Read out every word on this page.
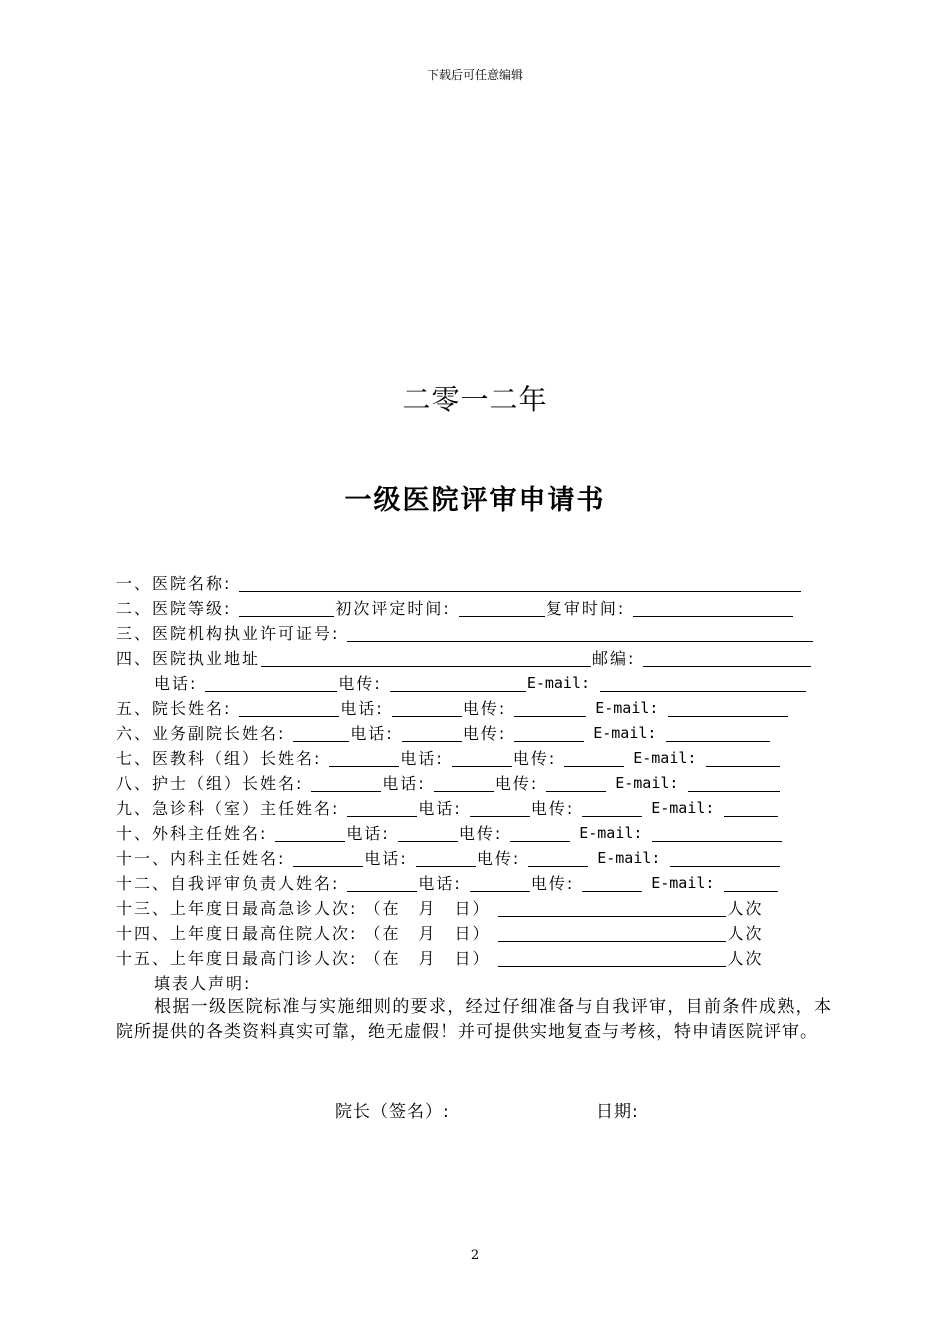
下载后可任意编辑
二零一二年
一级医院评审申请书
一、医院名称:
二、医院等级:	初次评定时间:	复审时间:
三、医院机构执业许可证号:
四、医院执业地址	邮编:
电话:	电传:	E-mail:
五、院长姓名:	电话:	电传:	E-mail:
六、业务副院长姓名:	电话:	电传:	E-mail:
七、医教科（组）长姓名:	电话:	电传:	E-mail:
八、护士（组）长姓名:	电话:	电传:	E-mail:
九、急诊科（室）主任姓名:	电话:	电传:	E-mail:
十、外科主任姓名:	电话:	电传:	E-mail:
十一、内科主任姓名:	电话:	电传:	E-mail:
十二、自我评审负责人姓名:	电话:	电传:	E-mail:
十三、上年度日最高急诊人次: （在　月　日）	人次
十四、上年度日最高住院人次: （在　月　日）	人次
十五、上年度日最高门诊人次: （在　月　日）	人次
填表人声明:
根据一级医院标准与实施细则的要求，经过仔细准备与自我评审，目前条件成熟，本院所提供的各类资料真实可靠，绝无虚假！并可提供实地复查与考核，特申请医院评审。
院长（签名）:	日期:
2
